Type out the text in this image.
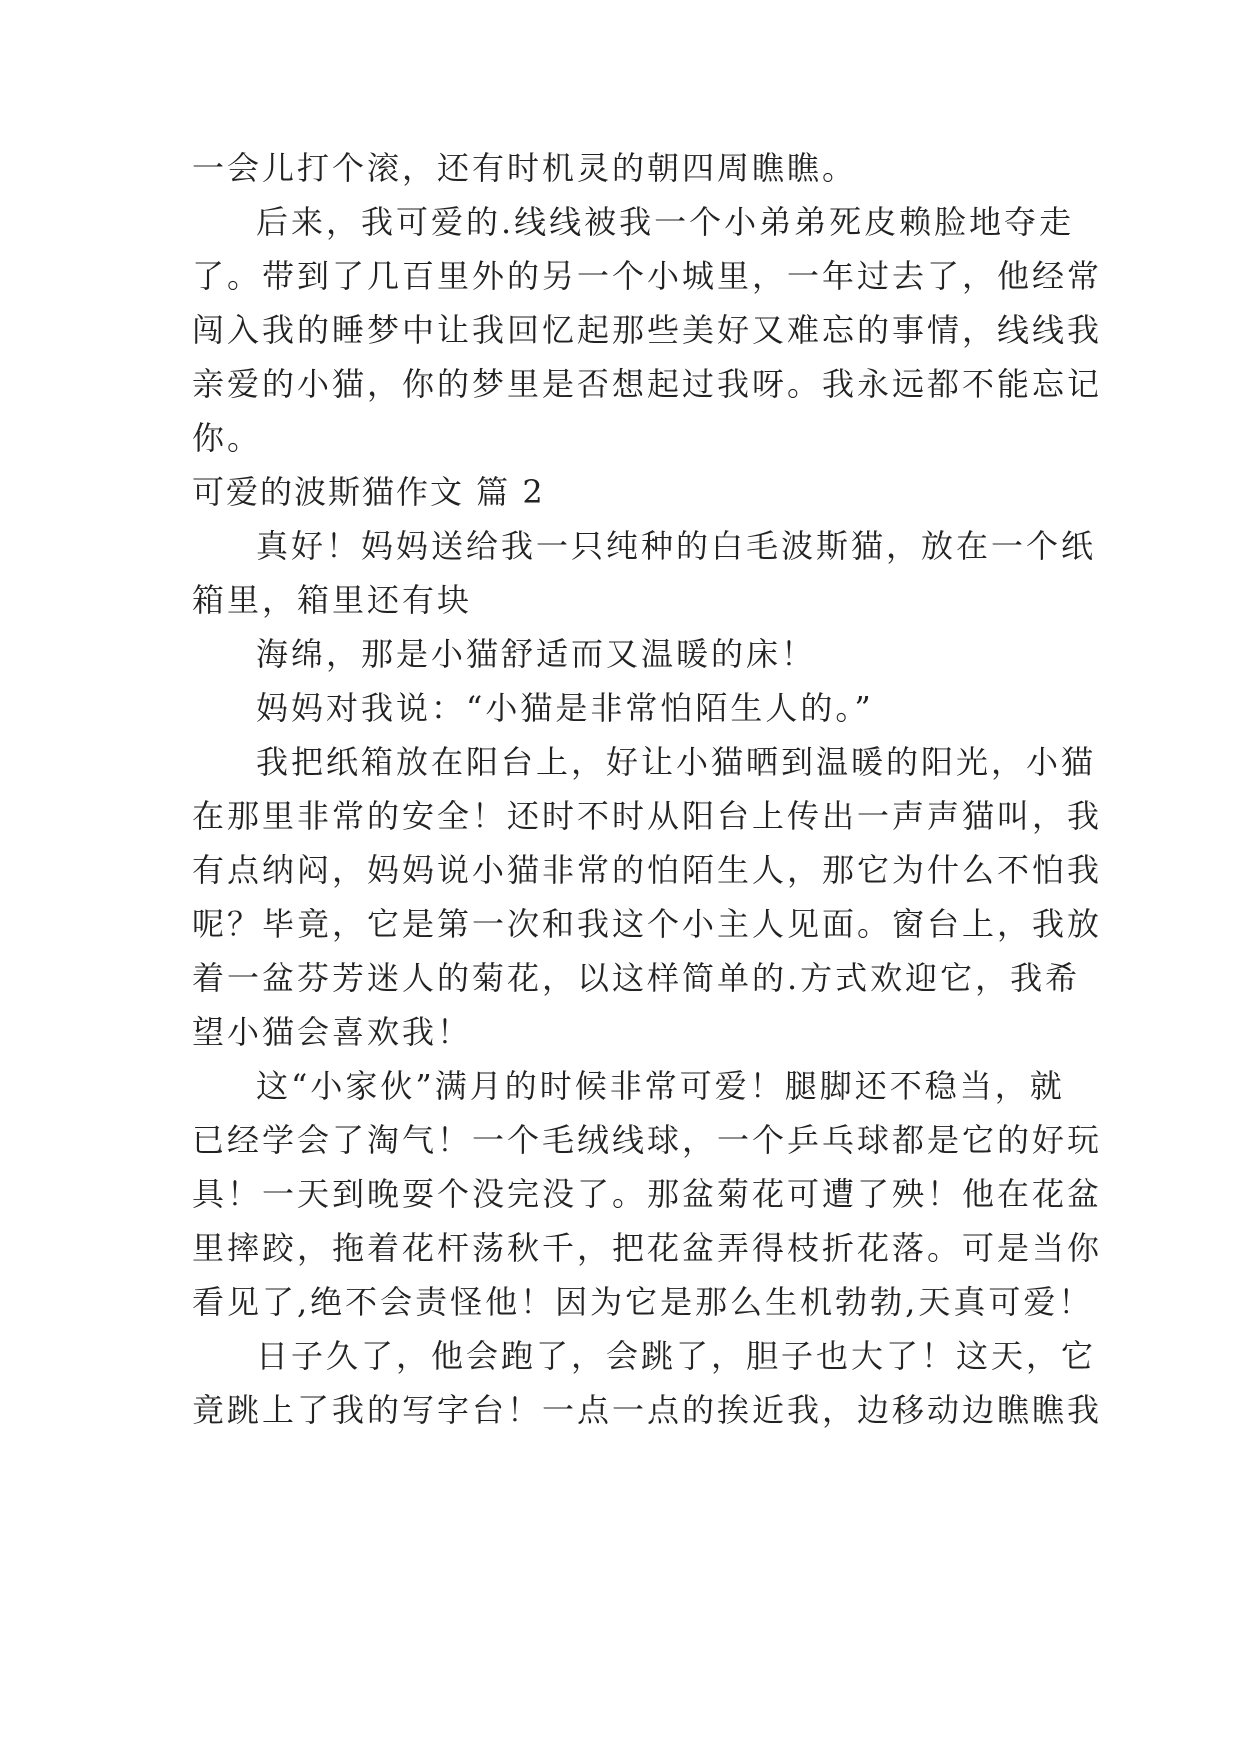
一会儿打个滚，还有时机灵的朝四周瞧瞧。
后来，我可爱的.线线被我一个小弟弟死皮赖脸地夺走
了。带到了几百里外的另一个小城里，一年过去了，他经常
闯入我的睡梦中让我回忆起那些美好又难忘的事情，线线我
亲爱的小猫，你的梦里是否想起过我呀。我永远都不能忘记
你。
可爱的波斯猫作文 篇 2
真好！妈妈送给我一只纯种的白毛波斯猫，放在一个纸
箱里，箱里还有块
海绵，那是小猫舒适而又温暖的床！
妈妈对我说：“小猫是非常怕陌生人的。”
我把纸箱放在阳台上，好让小猫晒到温暖的阳光，小猫
在那里非常的安全！还时不时从阳台上传出一声声猫叫，我
有点纳闷，妈妈说小猫非常的怕陌生人，那它为什么不怕我
呢？毕竟，它是第一次和我这个小主人见面。窗台上，我放
着一盆芬芳迷人的菊花，以这样简单的.方式欢迎它，我希
望小猫会喜欢我！
这“小家伙”满月的时候非常可爱！腿脚还不稳当，就
已经学会了淘气！一个毛绒线球，一个乒乓球都是它的好玩
具！一天到晚耍个没完没了。那盆菊花可遭了殃！他在花盆
里摔跤，拖着花杆荡秋千，把花盆弄得枝折花落。可是当你
看见了,绝不会责怪他！因为它是那么生机勃勃,天真可爱！
日子久了，他会跑了，会跳了，胆子也大了！这天，它
竟跳上了我的写字台！一点一点的挨近我，边移动边瞧瞧我
